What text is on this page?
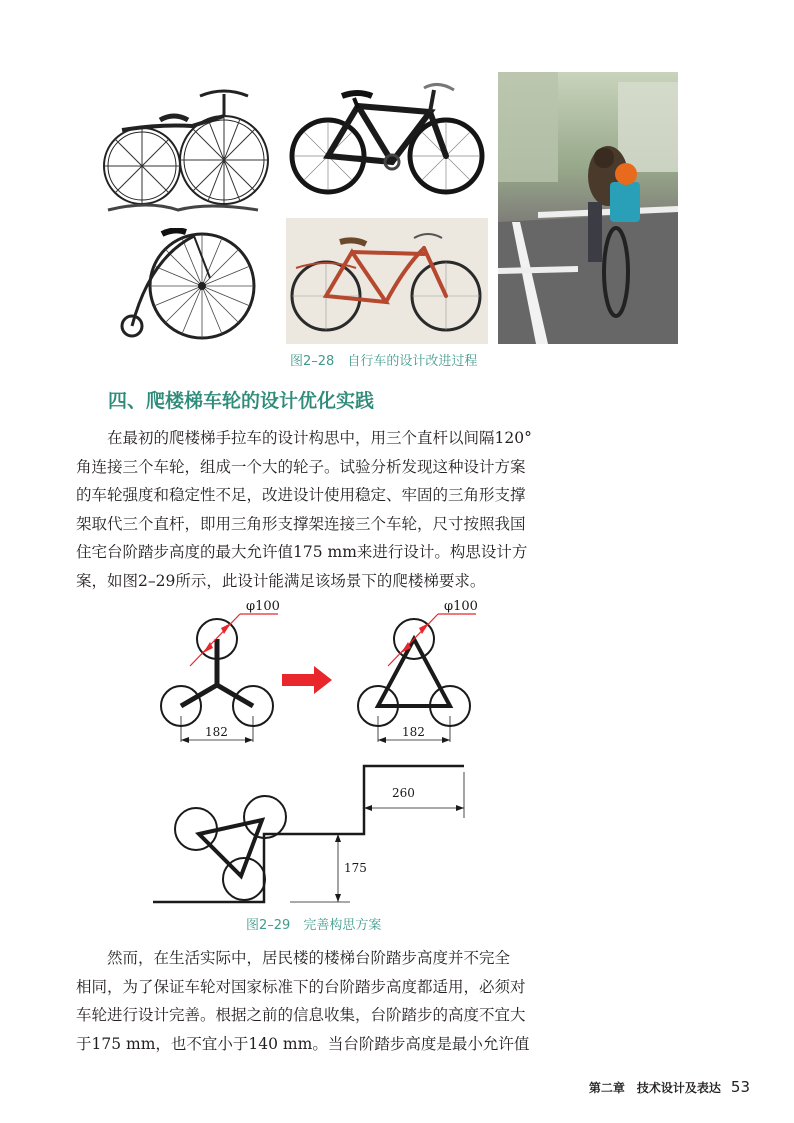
图2–28　自行车的设计改进过程
四、爬楼梯车轮的设计优化实践

在最初的爬楼梯手拉车的设计构思中，用三个直杆以间隔120°

角连接三个车轮，组成一个大的轮子。试验分析发现这种设计方案

的车轮强度和稳定性不足，改进设计使用稳定、牢固的三角形支撑

架取代三个直杆，即用三角形支撑架连接三个车轮，尺寸按照我国

住宅台阶踏步高度的最大允许值175 mm来进行设计。构思设计方

案，如图2–29所示，此设计能满足该场景下的爬楼梯要求。

182
φ100
182
φ100
260
175
图2–29　完善构思方案

然而，在生活实际中，居民楼的楼梯台阶踏步高度并不完全

相同，为了保证车轮对国家标准下的台阶踏步高度都适用，必须对

车轮进行设计完善。根据之前的信息收集，台阶踏步的高度不宜大

于175 mm，也不宜小于140 mm。当台阶踏步高度是最小允许值

第二章　技术设计及表达 53
